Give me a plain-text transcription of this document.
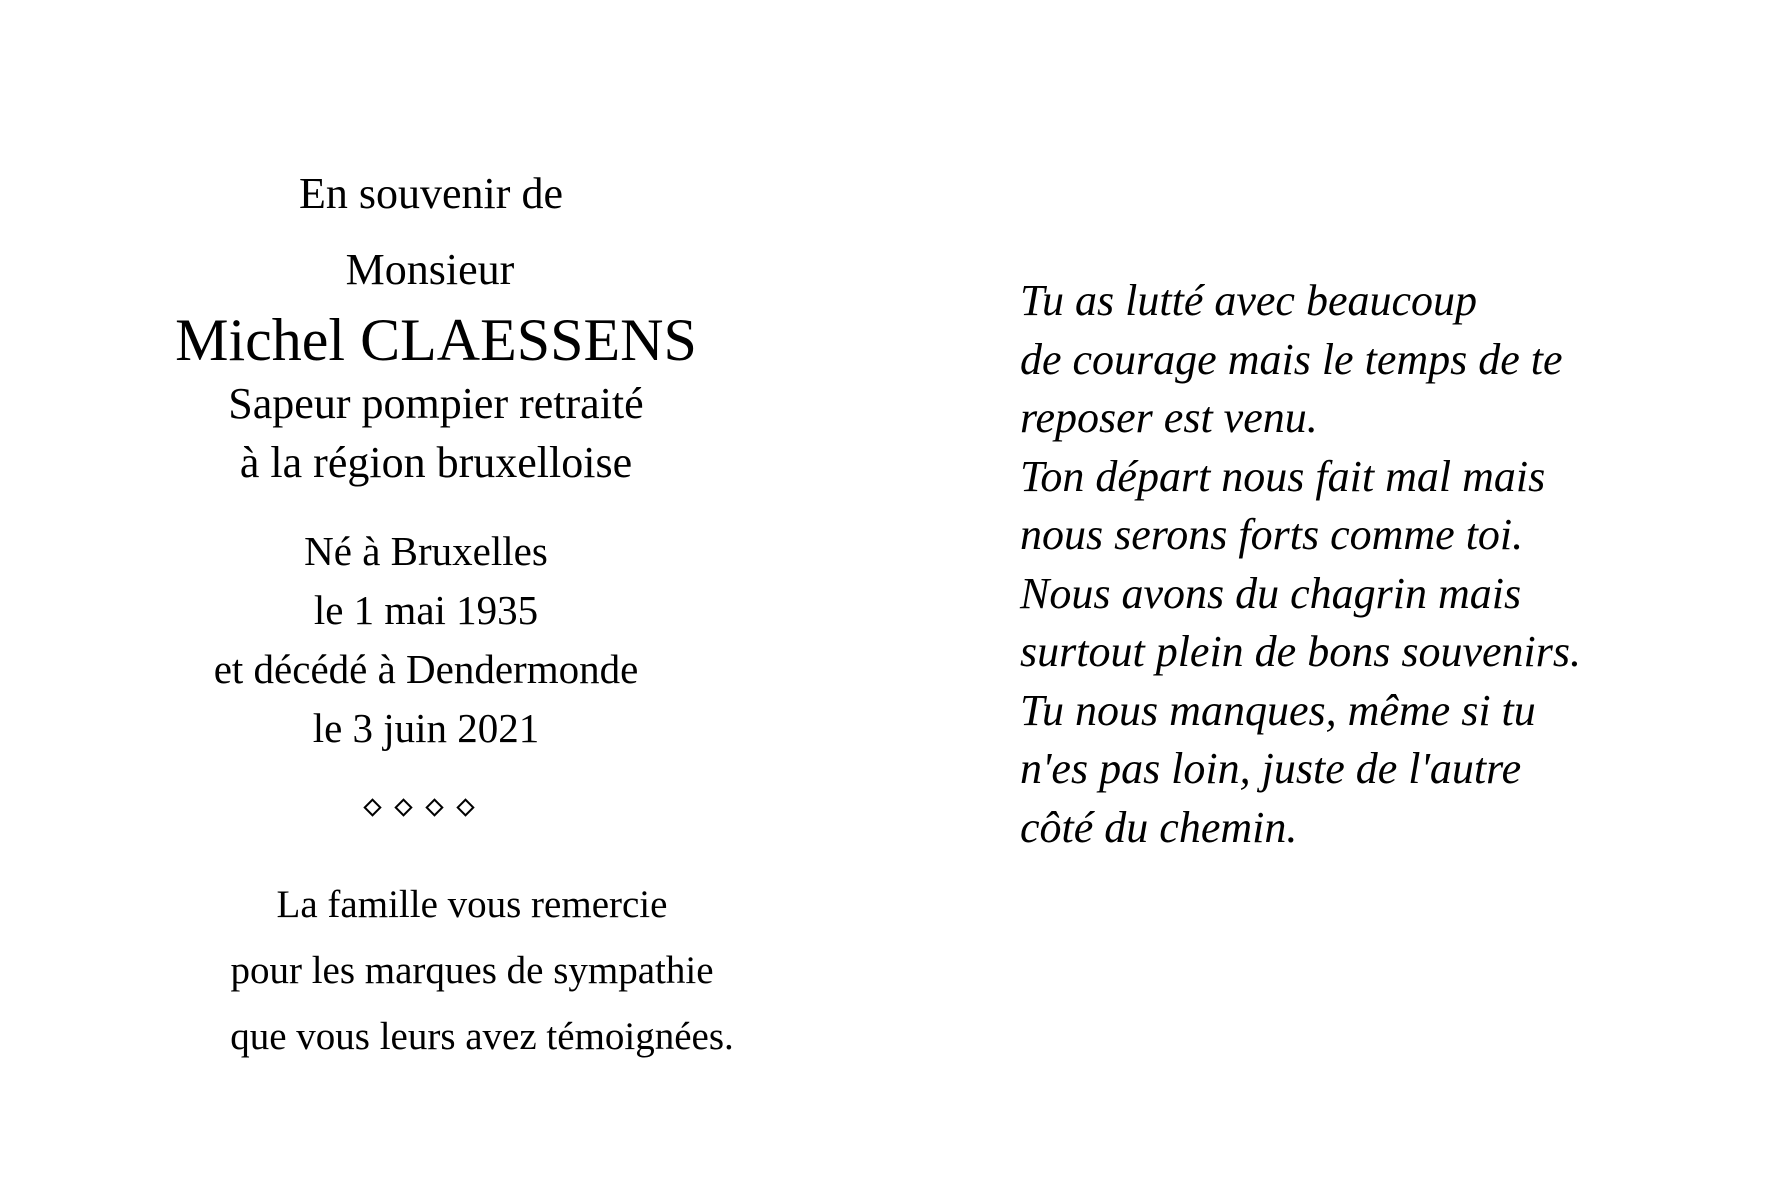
En souvenir de
Monsieur
Michel CLAESSENS
Sapeur pompier retraité
à la région bruxelloise
Né à Bruxelles
le 1 mai 1935
et décédé à Dendermonde
le 3 juin 2021
La famille vous remercie
pour les marques de sympathie
que vous leurs avez témoignées.
Tu as lutté avec beaucoup
de courage mais le temps de te
reposer est venu.
Ton départ nous fait mal mais
nous serons forts comme toi.
Nous avons du chagrin mais
surtout plein de bons souvenirs.
Tu nous manques, même si tu
n'es pas loin, juste de l'autre
côté du chemin.
